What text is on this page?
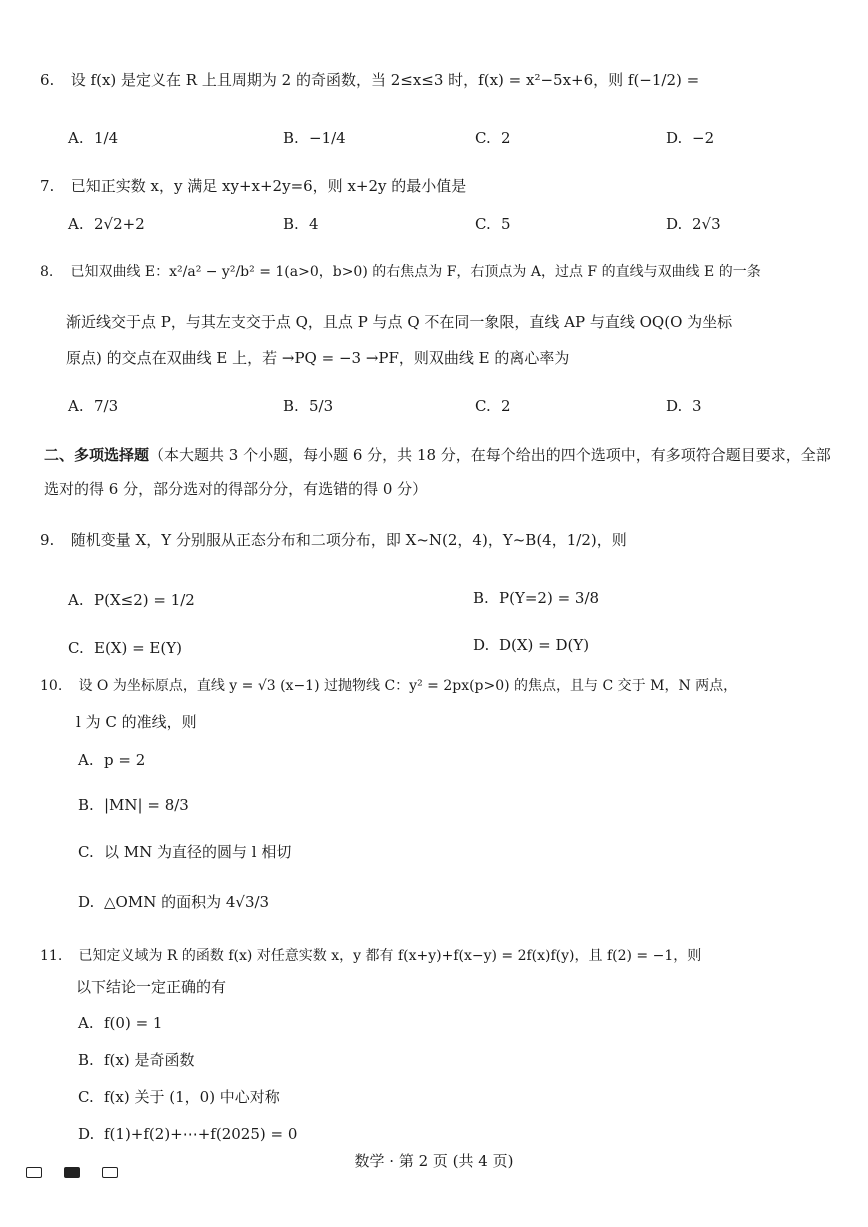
6. 设 f(x) 是定义在 R 上且周期为 2 的奇函数，当 2≤x≤3 时，f(x) = x²−5x+6，则 f(−1/2) =
A. 1/4	B. −1/4	C. 2	D. −2
7. 已知正实数 x，y 满足 xy+x+2y=6，则 x+2y 的最小值是
A. 2√2+2	B. 4	C. 5	D. 2√3
8. 已知双曲线 E：x²/a² − y²/b² = 1(a>0，b>0) 的右焦点为 F，右顶点为 A，过点 F 的直线与双曲线 E 的一条
渐近线交于点 P，与其左支交于点 Q，且点 P 与点 Q 不在同一象限，直线 AP 与直线 OQ(O 为坐标
原点) 的交点在双曲线 E 上，若 →PQ = −3 →PF，则双曲线 E 的离心率为
A. 7/3	B. 5/3	C. 2	D. 3
二、多项选择题（本大题共 3 个小题，每小题 6 分，共 18 分，在每个给出的四个选项中，有多项符合题目要求，全部选对的得 6 分，部分选对的得部分分，有选错的得 0 分）
9. 随机变量 X，Y 分别服从正态分布和二项分布，即 X~N(2，4)，Y~B(4，1/2)，则
A. P(X≤2) = 1/2	B. P(Y=2) = 3/8
C. E(X) = E(Y)	D. D(X) = D(Y)
10. 设 O 为坐标原点，直线 y = √3 (x−1) 过抛物线 C：y² = 2px(p>0) 的焦点，且与 C 交于 M，N 两点，
l 为 C 的准线，则
A. p = 2
B. |MN| = 8/3
C. 以 MN 为直径的圆与 l 相切
D. △OMN 的面积为 4√3/3
11. 已知定义域为 R 的函数 f(x) 对任意实数 x，y 都有 f(x+y)+f(x−y) = 2f(x)f(y)，且 f(2) = −1，则
以下结论一定正确的有
A. f(0) = 1
B. f(x) 是奇函数
C. f(x) 关于 (1，0) 中心对称
D. f(1)+f(2)+⋯+f(2025) = 0
数学 · 第 2 页 (共 4 页)
